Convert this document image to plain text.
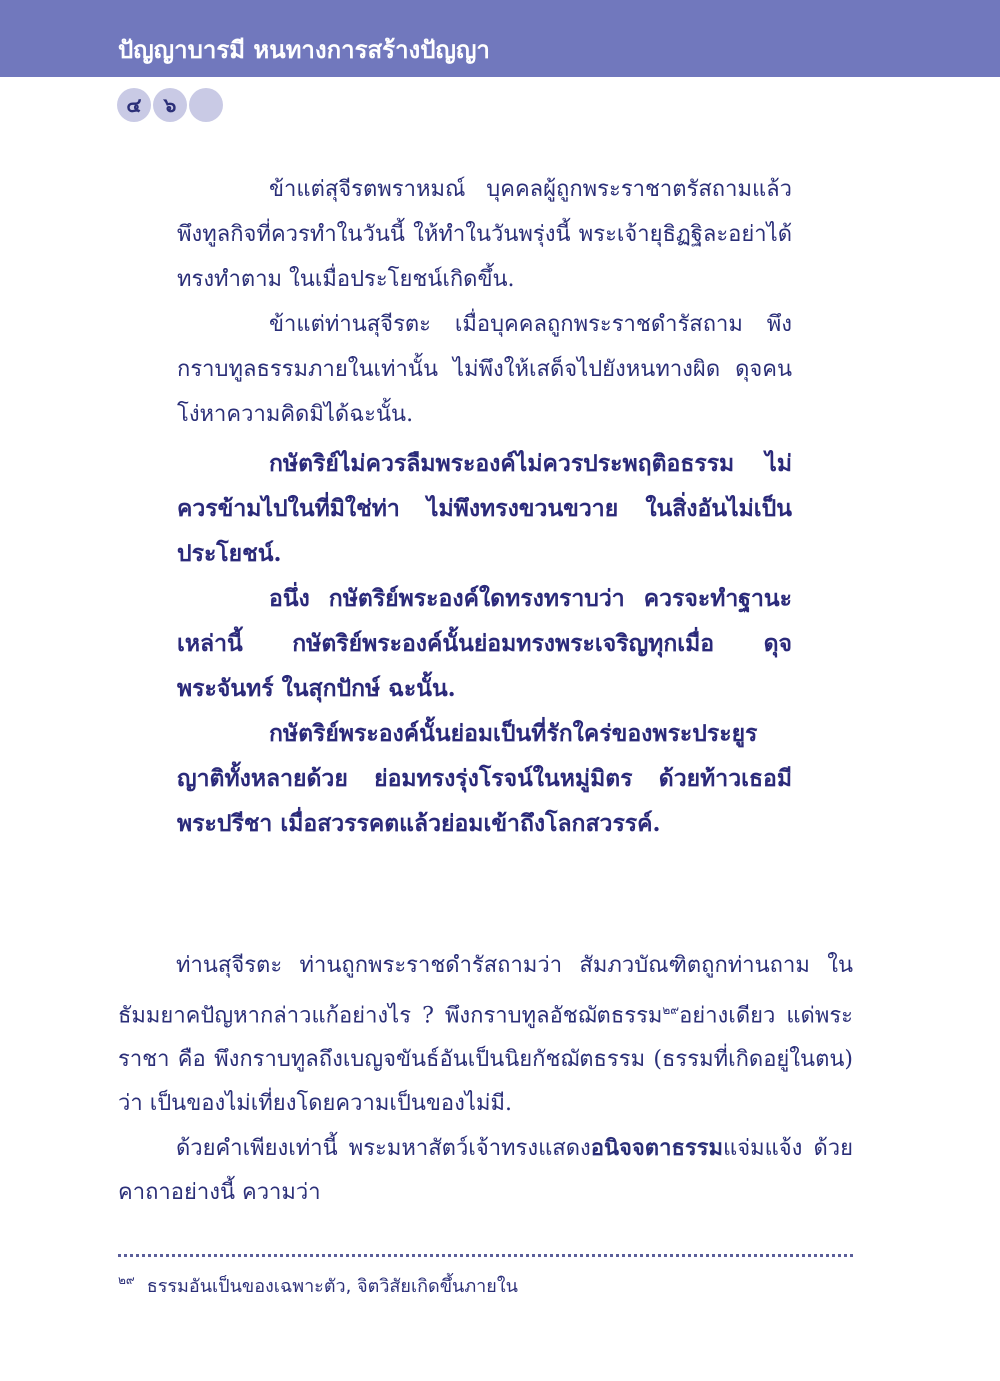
ปัญญาบารมี หนทางการสร้างปัญญา
๔	๖

ข้าแต่สุจีรตพราหมณ์ บุคคลผู้ถูกพระราชาตรัสถามแล้ว พึงทูลกิจที่ควรทำในวันนี้ ให้ทำในวันพรุ่งนี้ พระเจ้ายุธิฏฐิละอย่าได้ทรงทำตาม ในเมื่อประโยชน์เกิดขึ้น.

ข้าแต่ท่านสุจีรตะ เมื่อบุคคลถูกพระราชดำรัสถาม พึงกราบทูลธรรมภายในเท่านั้น ไม่พึงให้เสด็จไปยังหนทางผิด ดุจคนโง่หาความคิดมิได้ฉะนั้น.

กษัตริย์ไม่ควรลืมพระองค์ไม่ควรประพฤติอธรรม ไม่ควรข้ามไปในที่มิใช่ท่า ไม่พึงทรงขวนขวาย ในสิ่งอันไม่เป็นประโยชน์.

อนึ่ง กษัตริย์พระองค์ใดทรงทราบว่า ควรจะทำฐานะเหล่านี้ กษัตริย์พระองค์นั้นย่อมทรงพระเจริญทุกเมื่อ ดุจพระจันทร์ ในสุกปักษ์ ฉะนั้น.

กษัตริย์พระองค์นั้นย่อมเป็นที่รักใคร่ของพระประยูรญาติทั้งหลายด้วย ย่อมทรงรุ่งโรจน์ในหมู่มิตร ด้วยท้าวเธอมีพระปรีชา เมื่อสวรรคตแล้วย่อมเข้าถึงโลกสวรรค์.

ท่านสุจีรตะ ท่านถูกพระราชดำรัสถามว่า สัมภวบัณฑิตถูกท่านถาม ในธัมมยาคปัญหากล่าวแก้อย่างไร ? พึงกราบทูลอัชฌัตธรรม$^{๒๙}$อย่างเดียว แด่พระราชา คือ พึงกราบทูลถึงเบญจขันธ์อันเป็นนิยกัชฌัตธรรม (ธรรมที่เกิดอยู่ในตน) ว่า เป็นของไม่เที่ยงโดยความเป็นของไม่มี.

ด้วยคำเพียงเท่านี้ พระมหาสัตว์เจ้าทรงแสดงอนิจจตาธรรมแจ่มแจ้ง ด้วยคาถาอย่างนี้ ความว่า

$^{๒๙}$ ธรรมอันเป็นของเฉพาะตัว, จิตวิสัยเกิดขึ้นภายใน
